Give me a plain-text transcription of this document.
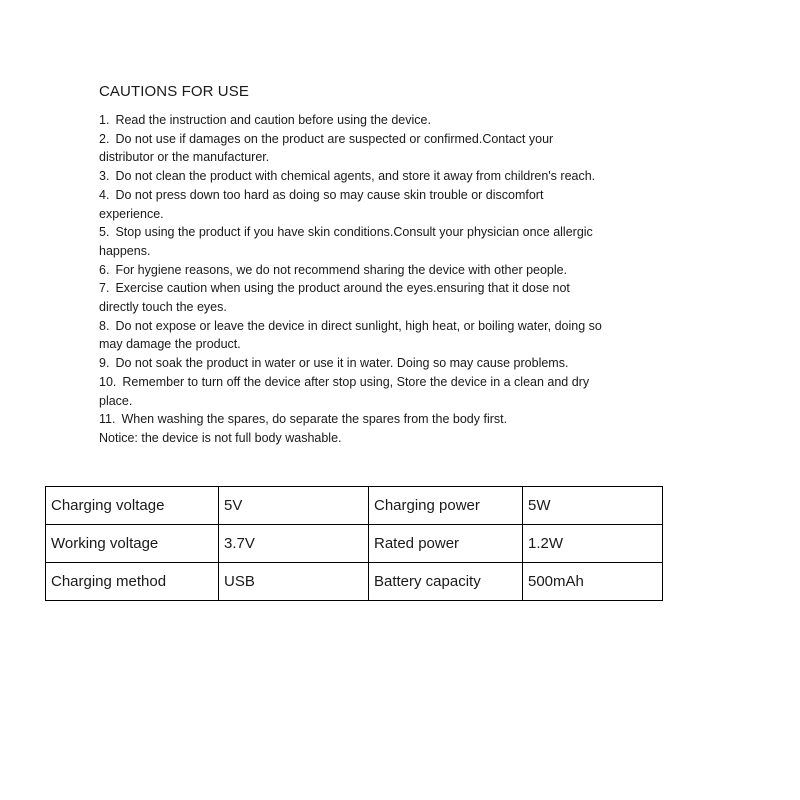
CAUTIONS FOR USE
1. Read the instruction and caution before using the device.
2. Do not use if damages on the product are suspected or confirmed.Contact your distributor or the manufacturer.
3. Do not clean the product with chemical agents, and store it away from children's reach.
4. Do not press down too hard as doing so may cause skin trouble or discomfort experience.
5. Stop using the product if you have skin conditions.Consult your physician once allergic happens.
6. For hygiene reasons, we do not recommend sharing the device with other people.
7. Exercise caution when using the product around the eyes.ensuring that it dose not directly touch the eyes.
8. Do not expose or leave the device in direct sunlight, high heat, or boiling water, doing so may damage the product.
9. Do not soak the product in water or use it in water. Doing so may cause problems.
10. Remember to turn off the device after stop using, Store the device in a clean and dry place.
11. When washing the spares, do separate the spares from the body first.
Notice: the device is not full body washable.
Charging voltage	5V	Charging power	5W
Working voltage	3.7V	Rated power	1.2W
Charging method	USB	Battery capacity	500mAh
